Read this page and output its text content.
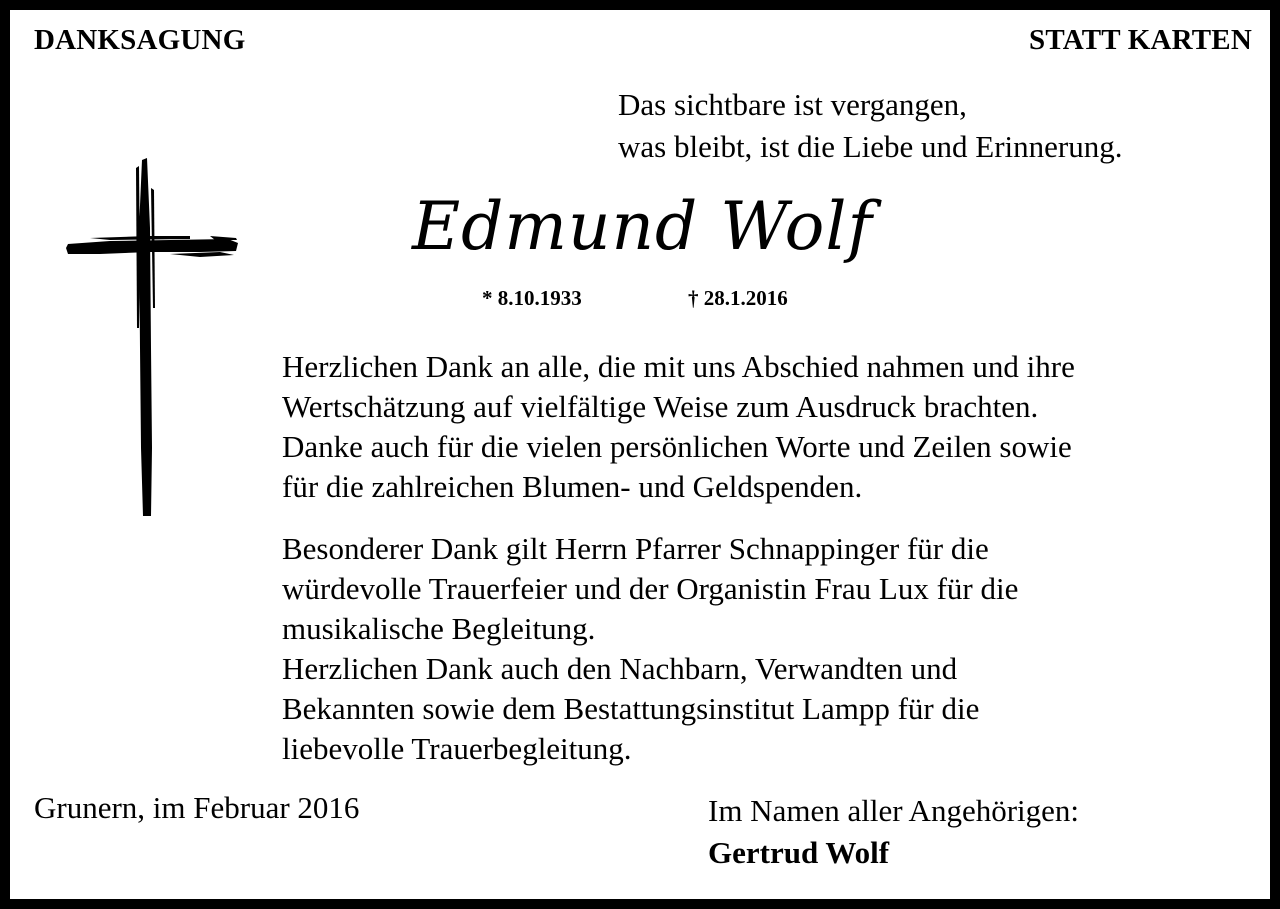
DANKSAGUNG	STATT KARTEN
Das sichtbare ist vergangen,
was bleibt, ist die Liebe und Erinnerung.
Edmund Wolf
* 8.10.1933	† 28.1.2016
Herzlichen Dank an alle, die mit uns Abschied nahmen und ihre
Wertschätzung auf vielfältige Weise zum Ausdruck brachten.
Danke auch für die vielen persönlichen Worte und Zeilen sowie
für die zahlreichen Blumen- und Geldspenden.
Besonderer Dank gilt Herrn Pfarrer Schnappinger für die
würdevolle Trauerfeier und der Organistin Frau Lux für die
musikalische Begleitung.
Herzlichen Dank auch den Nachbarn, Verwandten und
Bekannten sowie dem Bestattungsinstitut Lampp für die
liebevolle Trauerbegleitung.
Grunern, im Februar 2016	Im Namen aller Angehörigen:
Gertrud Wolf
